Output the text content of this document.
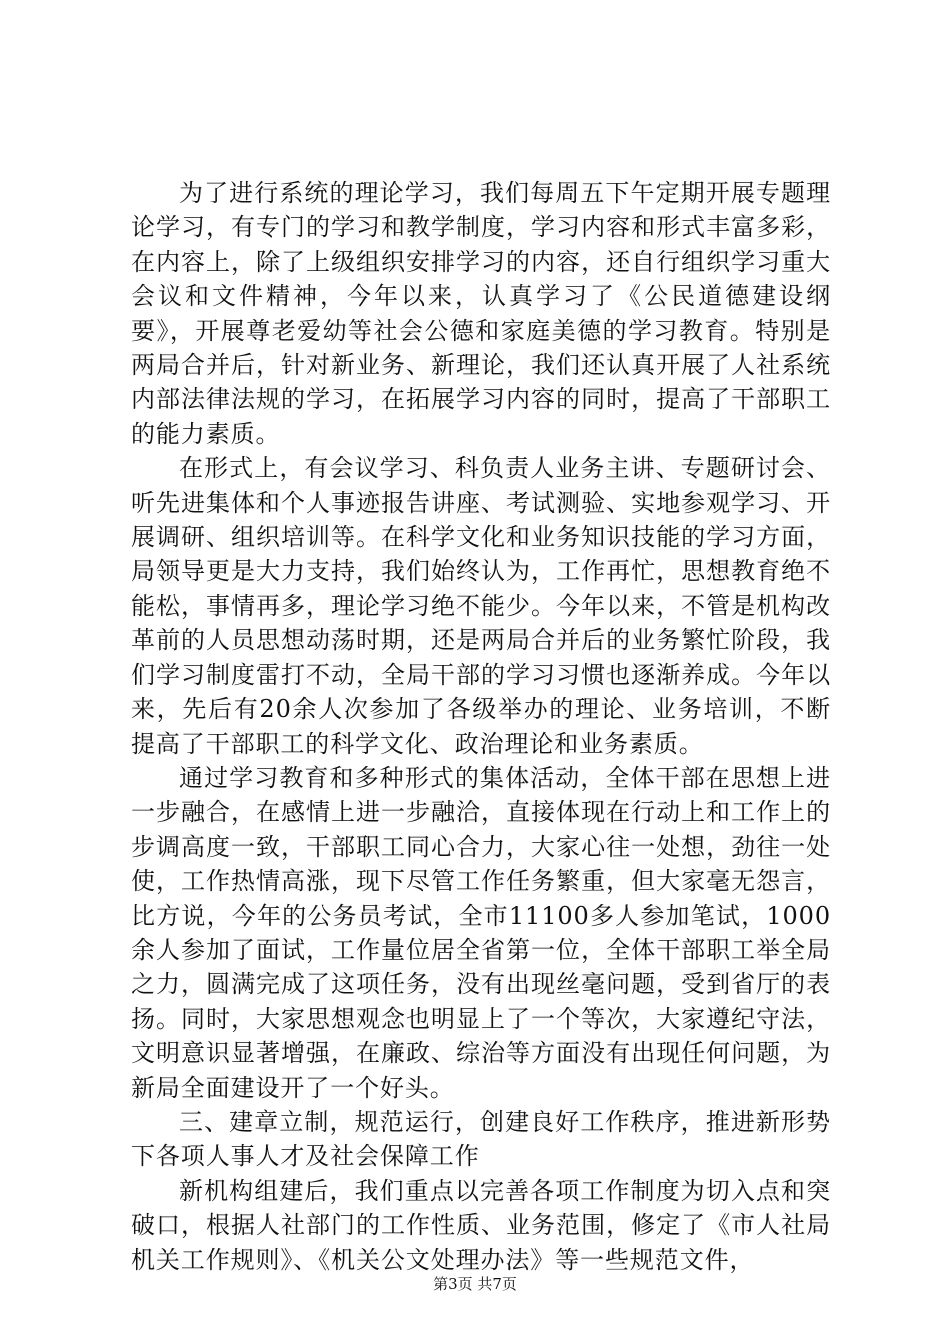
为了进行系统的理论学习，我们每周五下午定期开展专题理论学习，有专门的学习和教学制度，学习内容和形式丰富多彩，在内容上，除了上级组织安排学习的内容，还自行组织学习重大会议和文件精神，今年以来，认真学习了《公民道德建设纲要》，开展尊老爱幼等社会公德和家庭美德的学习教育。特别是两局合并后，针对新业务、新理论，我们还认真开展了人社系统内部法律法规的学习，在拓展学习内容的同时，提高了干部职工的能力素质。

在形式上，有会议学习、科负责人业务主讲、专题研讨会、听先进集体和个人事迹报告讲座、考试测验、实地参观学习、开展调研、组织培训等。在科学文化和业务知识技能的学习方面，局领导更是大力支持，我们始终认为，工作再忙，思想教育绝不能松，事情再多，理论学习绝不能少。今年以来，不管是机构改革前的人员思想动荡时期，还是两局合并后的业务繁忙阶段，我们学习制度雷打不动，全局干部的学习习惯也逐渐养成。今年以来，先后有20余人次参加了各级举办的理论、业务培训，不断提高了干部职工的科学文化、政治理论和业务素质。

通过学习教育和多种形式的集体活动，全体干部在思想上进一步融合，在感情上进一步融洽，直接体现在行动上和工作上的步调高度一致，干部职工同心合力，大家心往一处想，劲往一处使，工作热情高涨，现下尽管工作任务繁重，但大家毫无怨言，比方说，今年的公务员考试，全市11100多人参加笔试，1000余人参加了面试，工作量位居全省第一位，全体干部职工举全局之力，圆满完成了这项任务，没有出现丝毫问题，受到省厅的表扬。同时，大家思想观念也明显上了一个等次，大家遵纪守法，文明意识显著增强，在廉政、综治等方面没有出现任何问题，为新局全面建设开了一个好头。

三、建章立制，规范运行，创建良好工作秩序，推进新形势下各项人事人才及社会保障工作

新机构组建后，我们重点以完善各项工作制度为切入点和突破口，根据人社部门的工作性质、业务范围，修定了《市人社局机关工作规则》、《机关公文处理办法》等一些规范文件，

第3页 共7页
